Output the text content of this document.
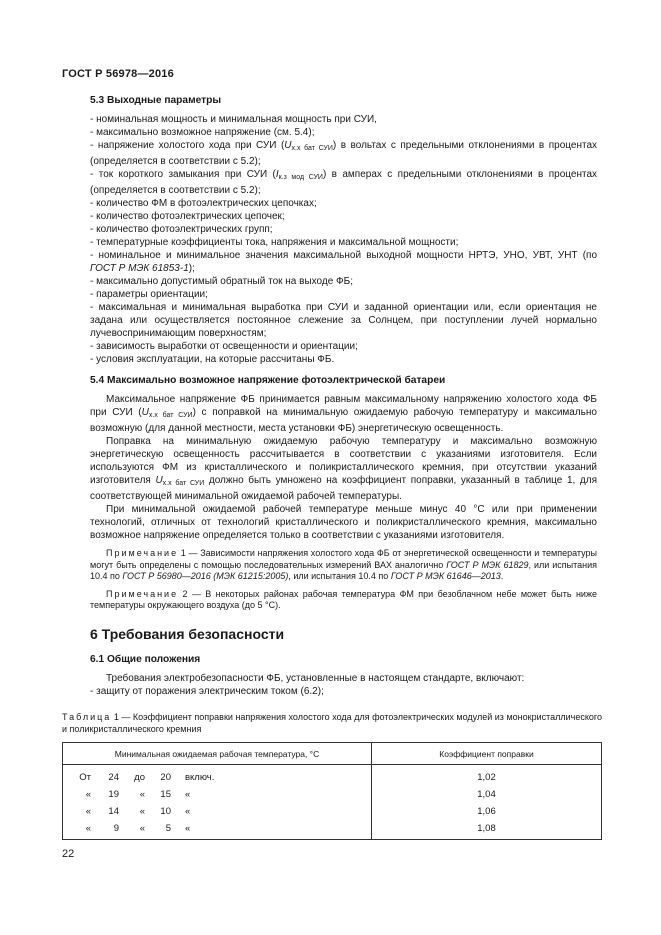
ГОСТ Р 56978—2016

5.3 Выходные параметры

- номинальная мощность и минимальная мощность при СУИ,

- максимально возможное напряжение (см. 5.4);

- напряжение холостого хода при СУИ $(U_{х.х бат СУИ})$ в вольтах с предельными отклонениями в процентах (определяется в соответствии с 5.2);

- ток короткого замыкания при СУИ $(I_{к.з мод СУИ})$ в амперах с предельными отклонениями в процентах (определяется в соответствии с 5.2);

- количество ФМ в фотоэлектрических цепочках;

- количество фотоэлектрических цепочек;

- количество фотоэлектрических групп;

- температурные коэффициенты тока, напряжения и максимальной мощности;

- номинальное и минимальное значения максимальной выходной мощности НРТЭ, УНО, УВТ, УНТ (по ГОСТ Р МЭК 61853-1);

- максимально допустимый обратный ток на выходе ФБ;

- параметры ориентации;

- максимальная и минимальная выработка при СУИ и заданной ориентации или, если ориентация не задана или осуществляется постоянное слежение за Солнцем, при поступлении лучей нормально лучевоспринимающим поверхностям;

- зависимость выработки от освещенности и ориентации;

- условия эксплуатации, на которые рассчитаны ФБ.

5.4 Максимально возможное напряжение фотоэлектрической батареи

Максимальное напряжение ФБ принимается равным максимальному напряжению холостого хода ФБ при СУИ $(U_{х.х бат СУИ})$ с поправкой на минимальную ожидаемую рабочую температуру и максимально возможную (для данной местности, места установки ФБ) энергетическую освещенность.

Поправка на минимальную ожидаемую рабочую температуру и максимально возможную энергетическую освещенность рассчитывается в соответствии с указаниями изготовителя. Если используются ФМ из кристаллического и поликристаллического кремния, при отсутствии указаний изготовителя $U_{х.х бат СУИ}$ должно быть умножено на коэффициент поправки, указанный в таблице 1, для соответствующей минимальной ожидаемой рабочей температуры.

При минимальной ожидаемой рабочей температуре меньше минус 40 °С или при применении технологий, отличных от технологий кристаллического и поликристаллического кремния, максимально возможное напряжение определяется только в соответствии с указаниями изготовителя.

Примечание 1 — Зависимости напряжения холостого хода ФБ от энергетической освещенности и температуры могут быть определены с помощью последовательных измерений ВАХ аналогично ГОСТ Р МЭК 61829, или испытания 10.4 по ГОСТ Р 56980—2016 (МЭК 61215:2005), или испытания 10.4 по ГОСТ Р МЭК 61646—2013.

Примечание 2 — В некоторых районах рабочая температура ФМ при безоблачном небе может быть ниже температуры окружающего воздуха (до 5 °С).

6 Требования безопасности

6.1 Общие положения

Требования электробезопасности ФБ, установленные в настоящем стандарте, включают:

- защиту от поражения электрическим током (6.2);

Таблица 1 — Коэффициент поправки напряжения холостого хода для фотоэлектрических модулей из монокристаллического и поликристаллического кремния

Минимальная ожидаемая рабочая температура, °С	Коэффициент поправки

От 24 до 20 включ.	1,02

« 19 « 15 «	1,04

« 14 « 10 «	1,06

« 9 « 5 «	1,08
22
